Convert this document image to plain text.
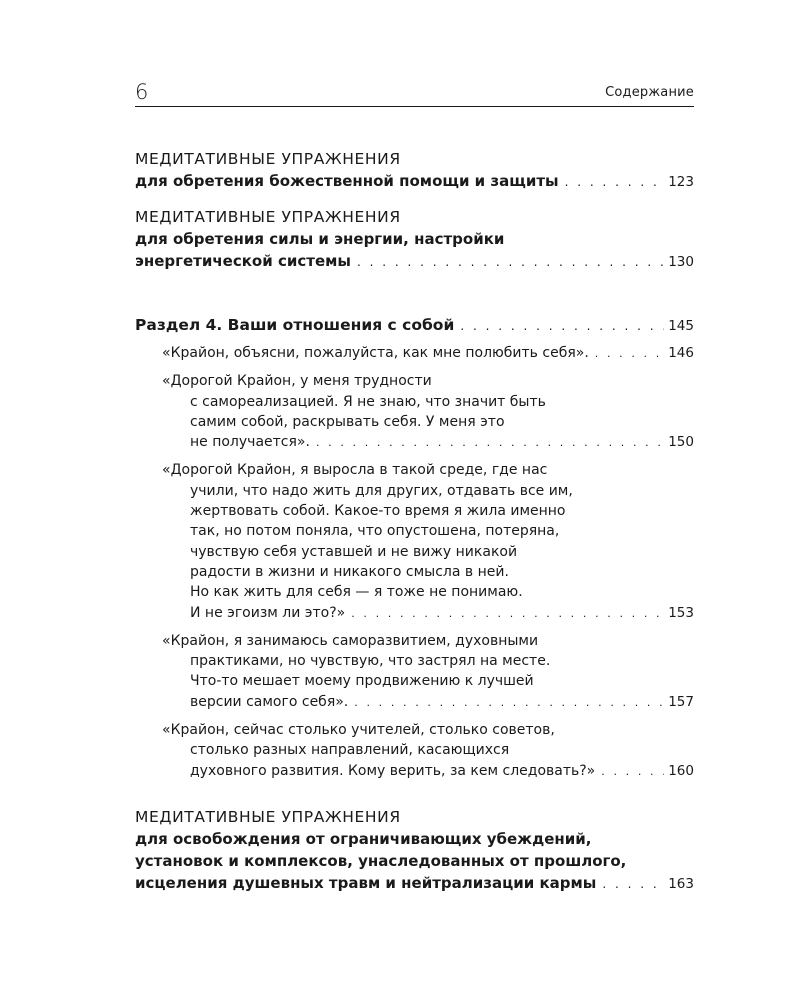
6	Содержание
МЕДИТАТИВНЫЕ УПРАЖНЕНИЯ
для обретения божественной помощи и защиты . . .	123
МЕДИТАТИВНЫЕ УПРАЖНЕНИЯ
для обретения силы и энергии, настройки
энергетической системы . . .	130
Раздел 4. Ваши отношения с собой . . .	145
«Крайон, объясни, пожалуйста, как мне полюбить себя». . . .	146
«Дорогой Крайон, у меня трудности
с самореализацией. Я не знаю, что значит быть
самим собой, раскрывать себя. У меня это
не получается». . . .	150
«Дорогой Крайон, я выросла в такой среде, где нас
учили, что надо жить для других, отдавать все им,
жертвовать собой. Какое-то время я жила именно
так, но потом поняла, что опустошена, потеряна,
чувствую себя уставшей и не вижу никакой
радости в жизни и никакого смысла в ней.
Но как жить для себя — я тоже не понимаю.
И не эгоизм ли это?» . . .	153
«Крайон, я занимаюсь саморазвитием, духовными
практиками, но чувствую, что застрял на месте.
Что-то мешает моему продвижению к лучшей
версии самого себя». . . .	157
«Крайон, сейчас столько учителей, столько советов,
столько разных направлений, касающихся
духовного развития. Кому верить, за кем следовать?» . . .	160
МЕДИТАТИВНЫЕ УПРАЖНЕНИЯ
для освобождения от ограничивающих убеждений,
установок и комплексов, унаследованных от прошлого,
исцеления душевных травм и нейтрализации кармы . . .	163
